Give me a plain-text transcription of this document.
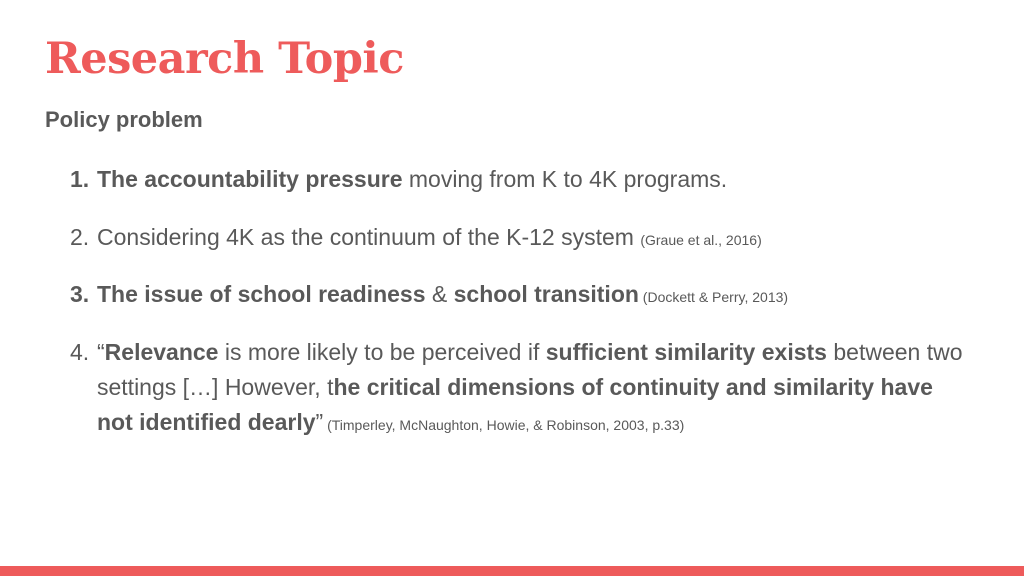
Research Topic

Policy problem

1. The accountability pressure moving from K to 4K programs.
2. Considering 4K as the continuum of the K-12 system (Graue et al., 2016)
3. The issue of school readiness & school transition (Dockett & Perry, 2013)
4. “Relevance is more likely to be perceived if sufficient similarity exists between two settings […] However, the critical dimensions of continuity and similarity have not identified dearly” (Timperley, McNaughton, Howie, & Robinson, 2003, p.33)
